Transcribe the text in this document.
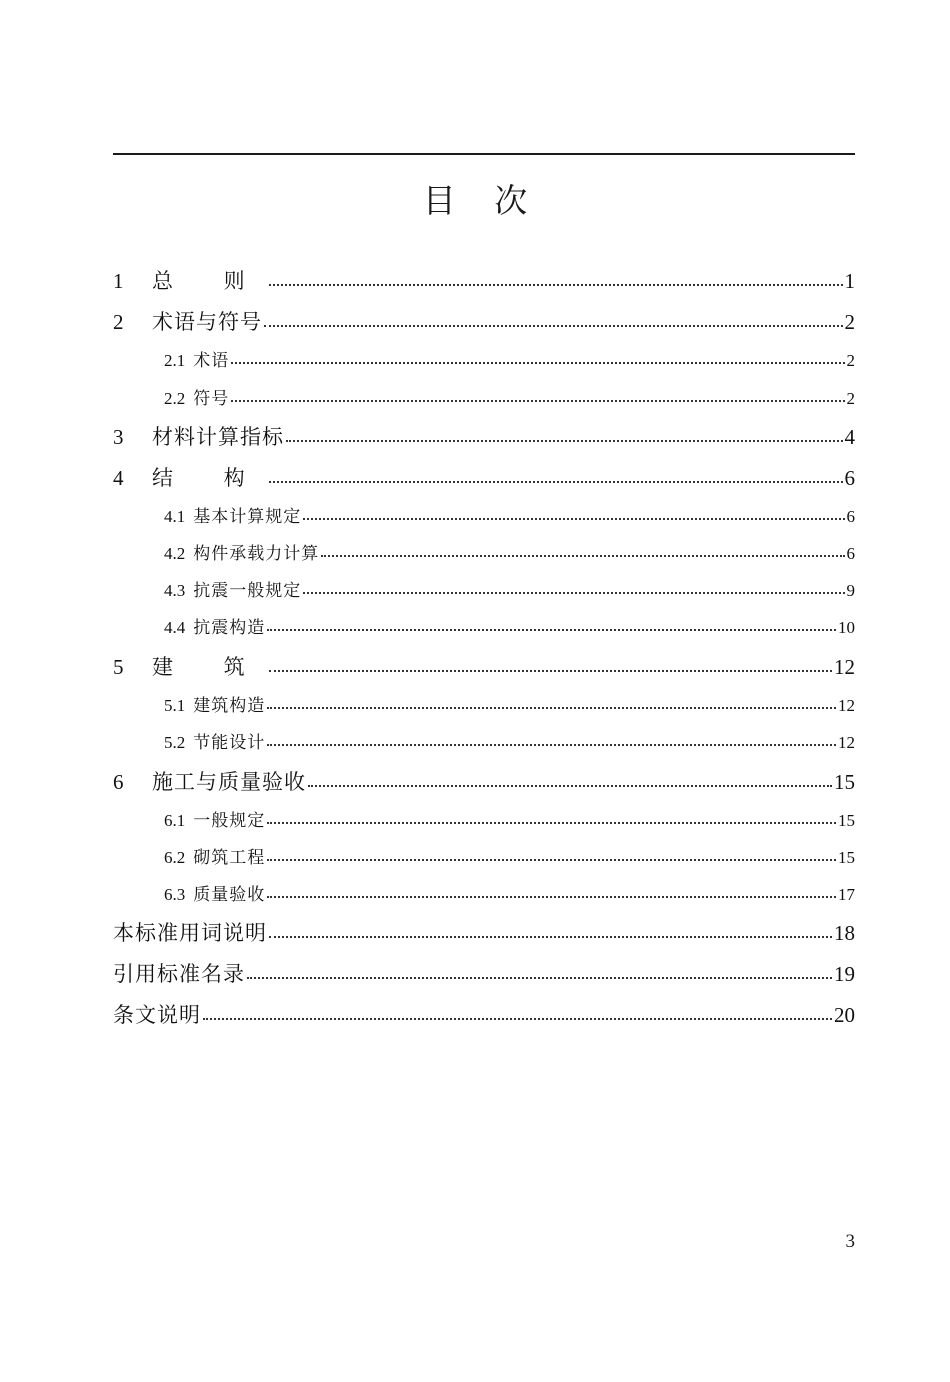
目 次
1	总 则	1
2	术语与符号	2
2.1 术语	2
2.2 符号	2
3	材料计算指标	4
4	结 构	6
4.1 基本计算规定	6
4.2 构件承载力计算	6
4.3 抗震一般规定	9
4.4 抗震构造	10
5	建 筑	12
5.1 建筑构造	12
5.2 节能设计	12
6	施工与质量验收	15
6.1 一般规定	15
6.2 砌筑工程	15
6.3 质量验收	17
本标准用词说明	18
引用标准名录	19
条文说明	20
3
